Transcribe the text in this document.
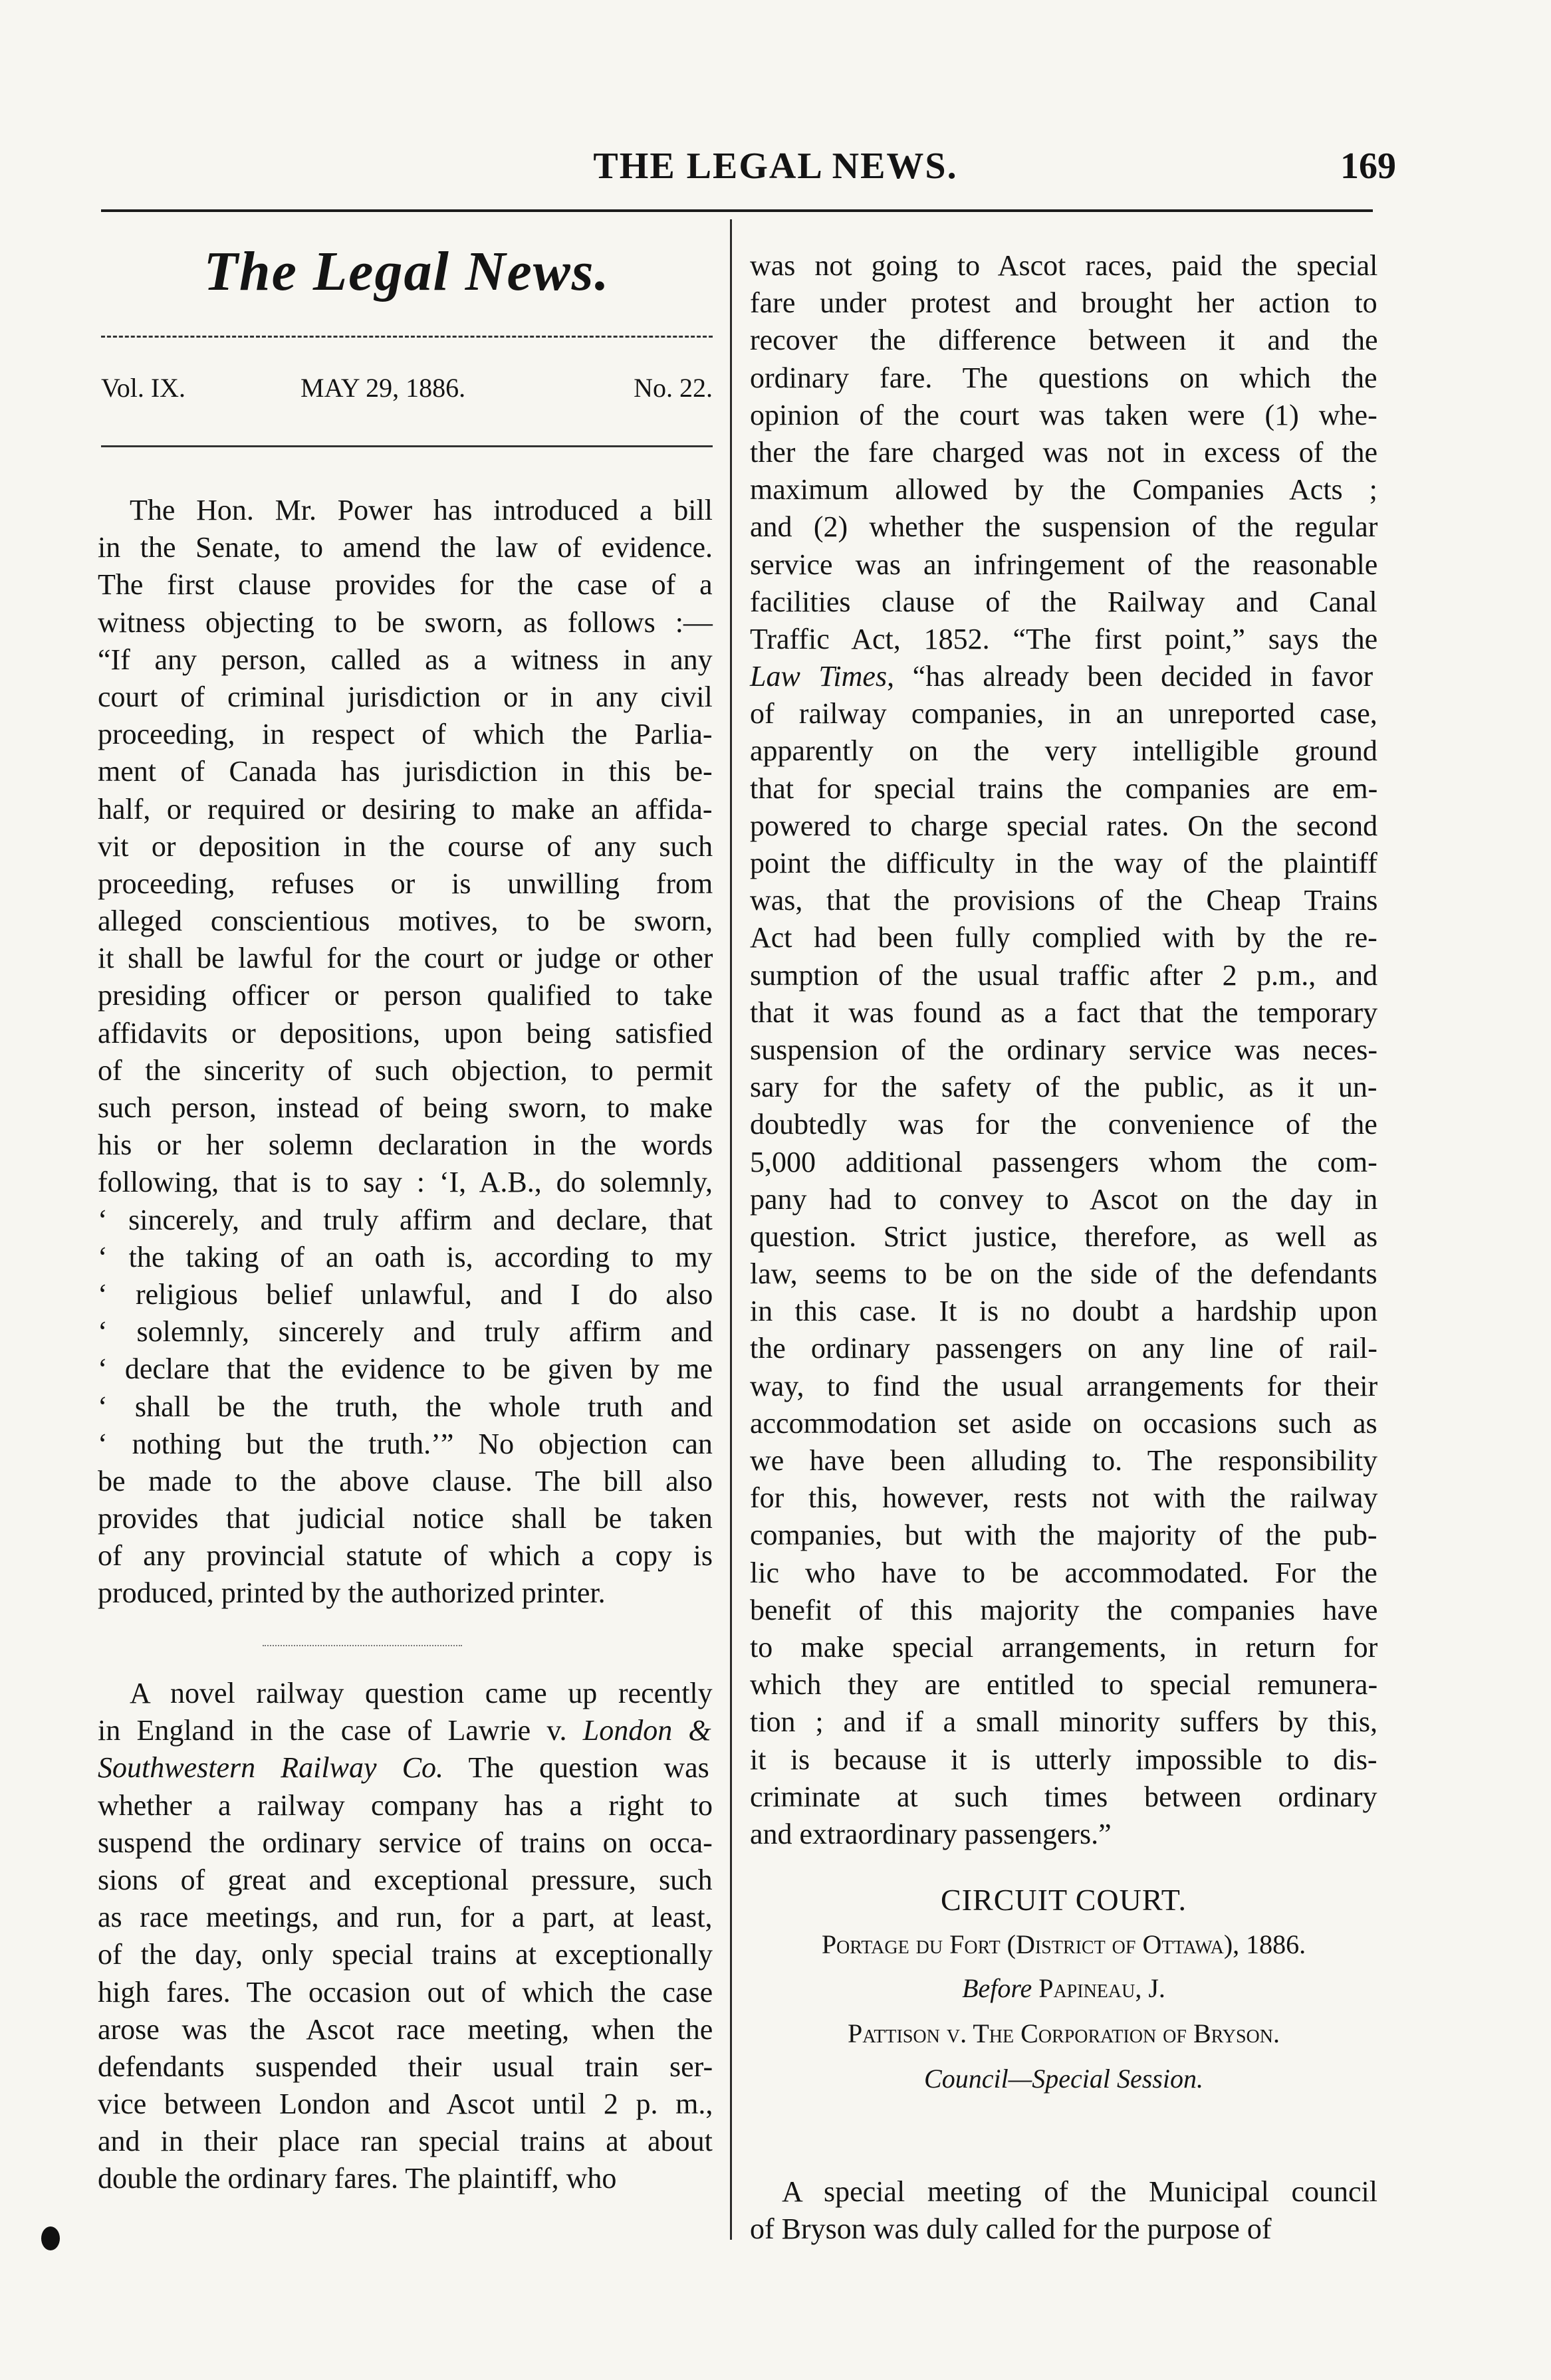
THE LEGAL NEWS.	169
The Legal News.
Vol. IX.	MAY 29, 1886.	No. 22.
The Hon. Mr. Power has introduced a bill
in the Senate, to amend the law of evidence.
The first clause provides for the case of a
witness objecting to be sworn, as follows :—
“If any person, called as a witness in any
court of criminal jurisdiction or in any civil
proceeding, in respect of which the Parlia-
ment of Canada has jurisdiction in this be-
half, or required or desiring to make an affida-
vit or deposition in the course of any such
proceeding, refuses or is unwilling from
alleged conscientious motives, to be sworn,
it shall be lawful for the court or judge or other
presiding officer or person qualified to take
affidavits or depositions, upon being satisfied
of the sincerity of such objection, to permit
such person, instead of being sworn, to make
his or her solemn declaration in the words
following, that is to say : ‘I, A.B., do solemnly,
‘ sincerely, and truly affirm and declare, that
‘ the taking of an oath is, according to my
‘ religious belief unlawful, and I do also
‘ solemnly, sincerely and truly affirm and
‘ declare that the evidence to be given by me
‘ shall be the truth, the whole truth and
‘ nothing but the truth.’” No objection can
be made to the above clause. The bill also
provides that judicial notice shall be taken
of any provincial statute of which a copy is
produced, printed by the authorized printer.
A novel railway question came up recently
in England in the case of Lawrie v. London &
Southwestern Railway Co. The question was
whether a railway company has a right to
suspend the ordinary service of trains on occa-
sions of great and exceptional pressure, such
as race meetings, and run, for a part, at least,
of the day, only special trains at exceptionally
high fares. The occasion out of which the case
arose was the Ascot race meeting, when the
defendants suspended their usual train ser-
vice between London and Ascot until 2 p. m.,
and in their place ran special trains at about
double the ordinary fares. The plaintiff, who
was not going to Ascot races, paid the special
fare under protest and brought her action to
recover the difference between it and the
ordinary fare. The questions on which the
opinion of the court was taken were (1) whe-
ther the fare charged was not in excess of the
maximum allowed by the Companies Acts ;
and (2) whether the suspension of the regular
service was an infringement of the reasonable
facilities clause of the Railway and Canal
Traffic Act, 1852. “The first point,” says the
Law Times, “has already been decided in favor
of railway companies, in an unreported case,
apparently on the very intelligible ground
that for special trains the companies are em-
powered to charge special rates. On the second
point the difficulty in the way of the plaintiff
was, that the provisions of the Cheap Trains
Act had been fully complied with by the re-
sumption of the usual traffic after 2 p.m., and
that it was found as a fact that the temporary
suspension of the ordinary service was neces-
sary for the safety of the public, as it un-
doubtedly was for the convenience of the
5,000 additional passengers whom the com-
pany had to convey to Ascot on the day in
question. Strict justice, therefore, as well as
law, seems to be on the side of the defendants
in this case. It is no doubt a hardship upon
the ordinary passengers on any line of rail-
way, to find the usual arrangements for their
accommodation set aside on occasions such as
we have been alluding to. The responsibility
for this, however, rests not with the railway
companies, but with the majority of the pub-
lic who have to be accommodated. For the
benefit of this majority the companies have
to make special arrangements, in return for
which they are entitled to special remunera-
tion ; and if a small minority suffers by this,
it is because it is utterly impossible to dis-
criminate at such times between ordinary
and extraordinary passengers.”
CIRCUIT COURT.
Portage du Fort (District of Ottawa), 1886.
Before Papineau, J.
Pattison v. The Corporation of Bryson.
Council—Special Session.
A special meeting of the Municipal council
of Bryson was duly called for the purpose of
